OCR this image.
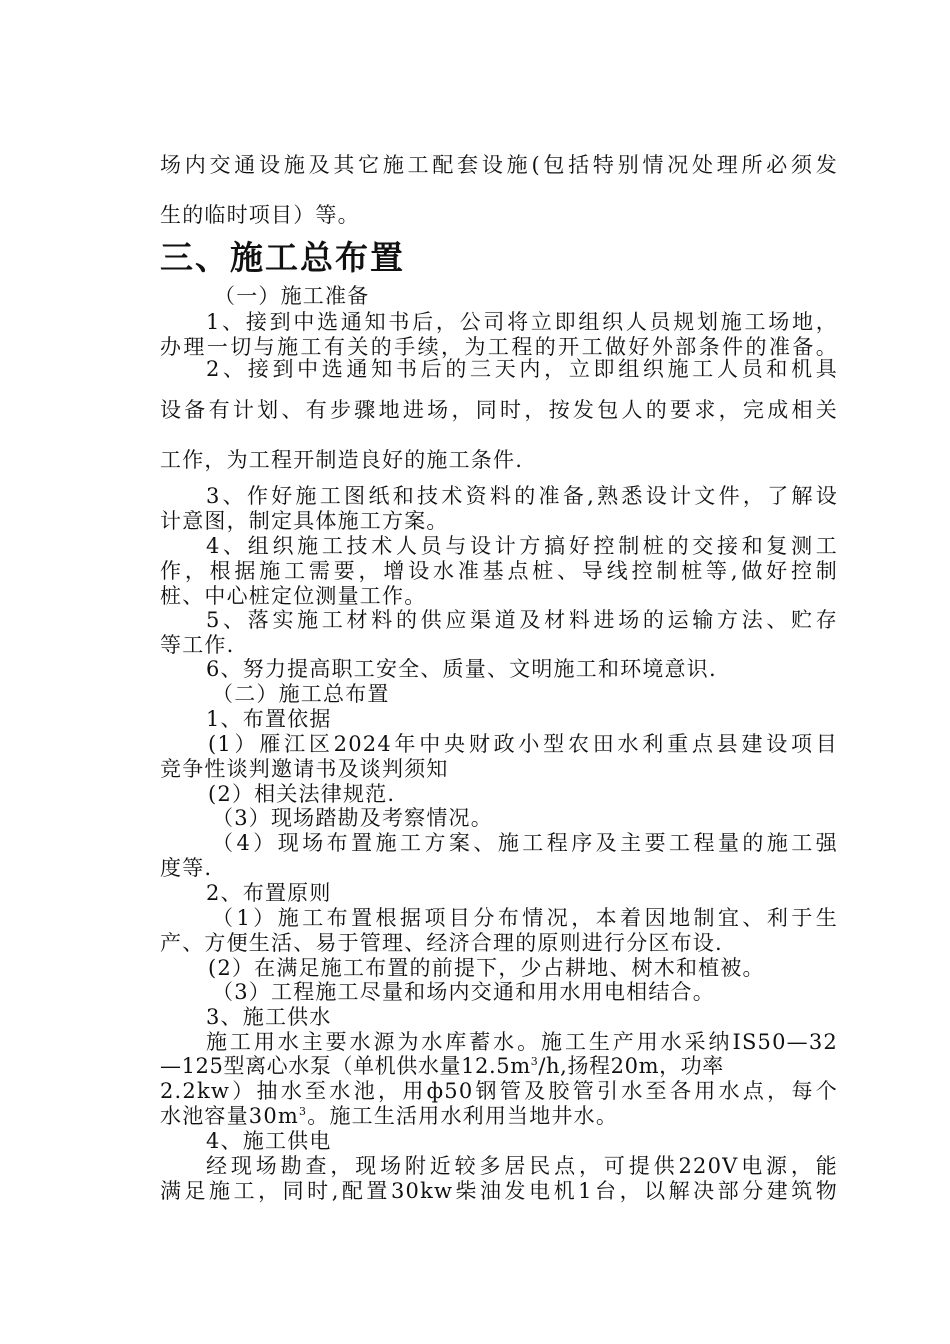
场内交通设施及其它施工配套设施(包括特别情况处理所必须发
生的临时项目）等。
三、施工总布置
（一）施工准备
1、接到中选通知书后，公司将立即组织人员规划施工场地，
办理一切与施工有关的手续，为工程的开工做好外部条件的准备。
2、接到中选通知书后的三天内，立即组织施工人员和机具
设备有计划、有步骤地进场，同时，按发包人的要求，完成相关
工作，为工程开制造良好的施工条件.
3、作好施工图纸和技术资料的准备,熟悉设计文件，了解设
计意图，制定具体施工方案。
4、组织施工技术人员与设计方搞好控制桩的交接和复测工
作，根据施工需要，增设水准基点桩、导线控制桩等,做好控制
桩、中心桩定位测量工作。
5、落实施工材料的供应渠道及材料进场的运输方法、贮存
等工作.
6、努力提高职工安全、质量、文明施工和环境意识.
（二）施工总布置
1、布置依据
(1）雁江区2024年中央财政小型农田水利重点县建设项目
竞争性谈判邀请书及谈判须知
(2）相关法律规范.
（3）现场踏勘及考察情况。
（4）现场布置施工方案、施工程序及主要工程量的施工强
度等.
2、布置原则
（1）施工布置根据项目分布情况，本着因地制宜、利于生
产、方便生活、易于管理、经济合理的原则进行分区布设.
(2）在满足施工布置的前提下，少占耕地、树木和植被。
（3）工程施工尽量和场内交通和用水用电相结合。
3、施工供水
施工用水主要水源为水库蓄水。施工生产用水采纳IS50—32
—125型离心水泵（单机供水量$12.5m^3/h$,扬程20m，功率
2.2kw）抽水至水池，用ф50钢管及胶管引水至各用水点，每个
水池容量$30m^3$。施工生活用水利用当地井水。
4、施工供电
经现场勘查，现场附近较多居民点，可提供220V电源，能
满足施工，同时,配置30kw柴油发电机1台，以解决部分建筑物
